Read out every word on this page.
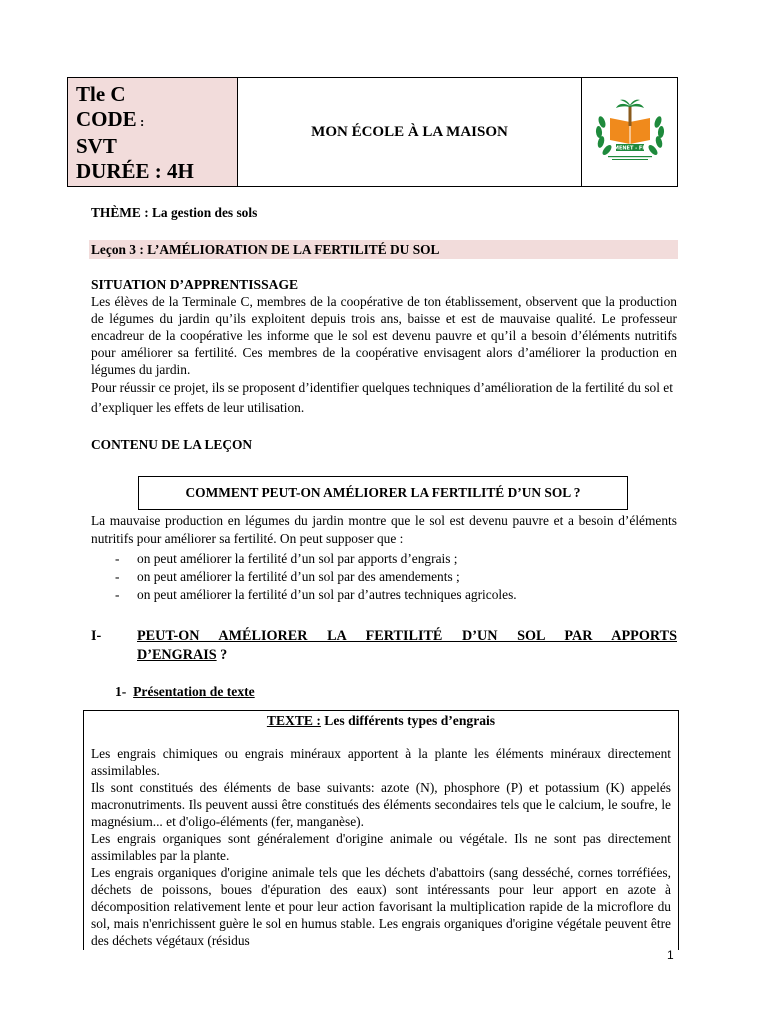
Tle C
CODE :
SVT
DURÉE : 4H
MON ÉCOLE À LA MAISON
MENET - FP
THÈME : La gestion des sols
Leçon 3 : L’AMÉLIORATION DE LA FERTILITÉ DU SOL
SITUATION D’APPRENTISSAGE

Les élèves de la Terminale C, membres de la coopérative de ton établissement, observent que la production de légumes du jardin qu’ils exploitent depuis trois ans, baisse et est de mauvaise qualité. Le professeur encadreur de la coopérative les informe que le sol est devenu pauvre et qu’il a besoin d’éléments nutritifs pour améliorer sa fertilité. Ces membres de la coopérative envisagent alors d’améliorer la production en légumes du jardin.

Pour réussir ce projet, ils se proposent d’identifier quelques techniques d’amélioration de la fertilité du sol et d’expliquer les effets de leur utilisation.

CONTENU DE LA LEÇON
COMMENT PEUT-ON AMÉLIORER LA FERTILITÉ D’UN SOL ?
La mauvaise production en légumes du jardin montre que le sol est devenu pauvre et a besoin d’éléments nutritifs pour améliorer sa fertilité. On peut supposer que :
-	on peut améliorer la fertilité d’un sol par apports d’engrais ;
-	on peut améliorer la fertilité d’un sol par des amendements ;
-	on peut améliorer la fertilité d’un sol par d’autres techniques agricoles.
I-	PEUT-ON AMÉLIORER LA FERTILITÉ D’UN SOL PAR APPORTS
D’ENGRAIS ?
1- Présentation de texte
TEXTE : Les différents types d’engrais

Les engrais chimiques ou engrais minéraux apportent à la plante les éléments minéraux directement assimilables.

Ils sont constitués des éléments de base suivants: azote (N), phosphore (P) et potassium (K) appelés macronutriments. Ils peuvent aussi être constitués des éléments secondaires tels que le calcium, le soufre, le magnésium... et d'oligo-éléments (fer, manganèse).

Les engrais organiques sont généralement d'origine animale ou végétale. Ils ne sont pas directement assimilables par la plante.

Les engrais organiques d'origine animale tels que les déchets d'abattoirs (sang desséché, cornes torréfiées, déchets de poissons, boues d'épuration des eaux) sont intéressants pour leur apport en azote à décomposition relativement lente et pour leur action favorisant la multiplication rapide de la microflore du sol, mais n'enrichissent guère le sol en humus stable. Les engrais organiques d'origine végétale peuvent être des déchets végétaux (résidus

1
